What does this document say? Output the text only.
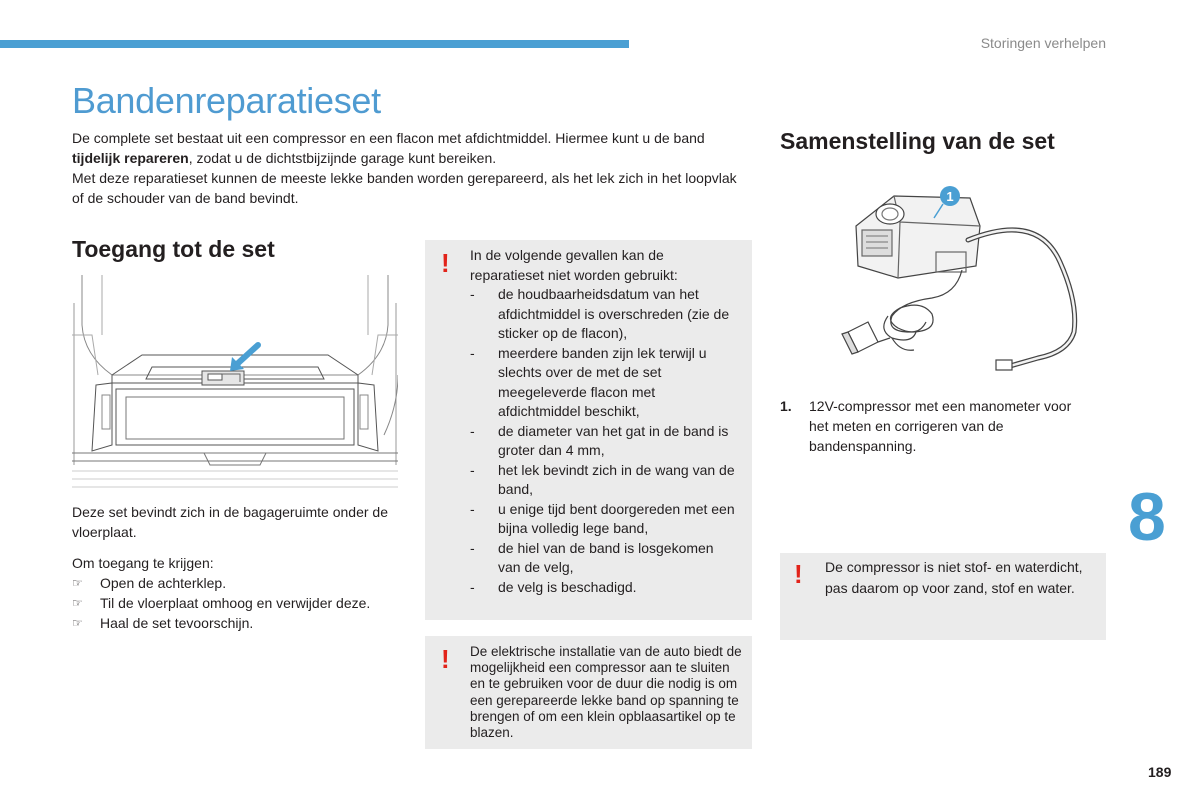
Storingen verhelpen
Bandenreparatieset

De complete set bestaat uit een compressor en een flacon met afdichtmiddel. Hiermee kunt u de band tijdelijk repareren, zodat u de dichtstbijzijnde garage kunt bereiken.

Met deze reparatieset kunnen de meeste lekke banden worden gerepareerd, als het lek zich in het loopvlak of de schouder van de band bevindt.

Toegang tot de set
Deze set bevindt zich in de bagageruimte onder de vloerplaat.
Om toegang te krijgen:
☞ Open de achterklep.
☞ Til de vloerplaat omhoog en verwijder deze.
☞ Haal de set tevoorschijn.
! In de volgende gevallen kan de reparatieset niet worden gebruikt:
- de houdbaarheidsdatum van het afdichtmiddel is overschreden (zie de sticker op de flacon),
- meerdere banden zijn lek terwijl u slechts over de met de set meegeleverde flacon met afdichtmiddel beschikt,
- de diameter van het gat in de band is groter dan 4 mm,
- het lek bevindt zich in de wang van de band,
- u enige tijd bent doorgereden met een bijna volledig lege band,
- de hiel van de band is losgekomen van de velg,
- de velg is beschadigd.
! De elektrische installatie van de auto biedt de mogelijkheid een compressor aan te sluiten en te gebruiken voor de duur die nodig is om een gerepareerde lekke band op spanning te brengen of om een klein opblaasartikel op te blazen.
Samenstelling van de set
1
1. 12V-compressor met een manometer voor het meten en corrigeren van de bandenspanning.
! De compressor is niet stof- en waterdicht, pas daarom op voor zand, stof en water.
8
189
